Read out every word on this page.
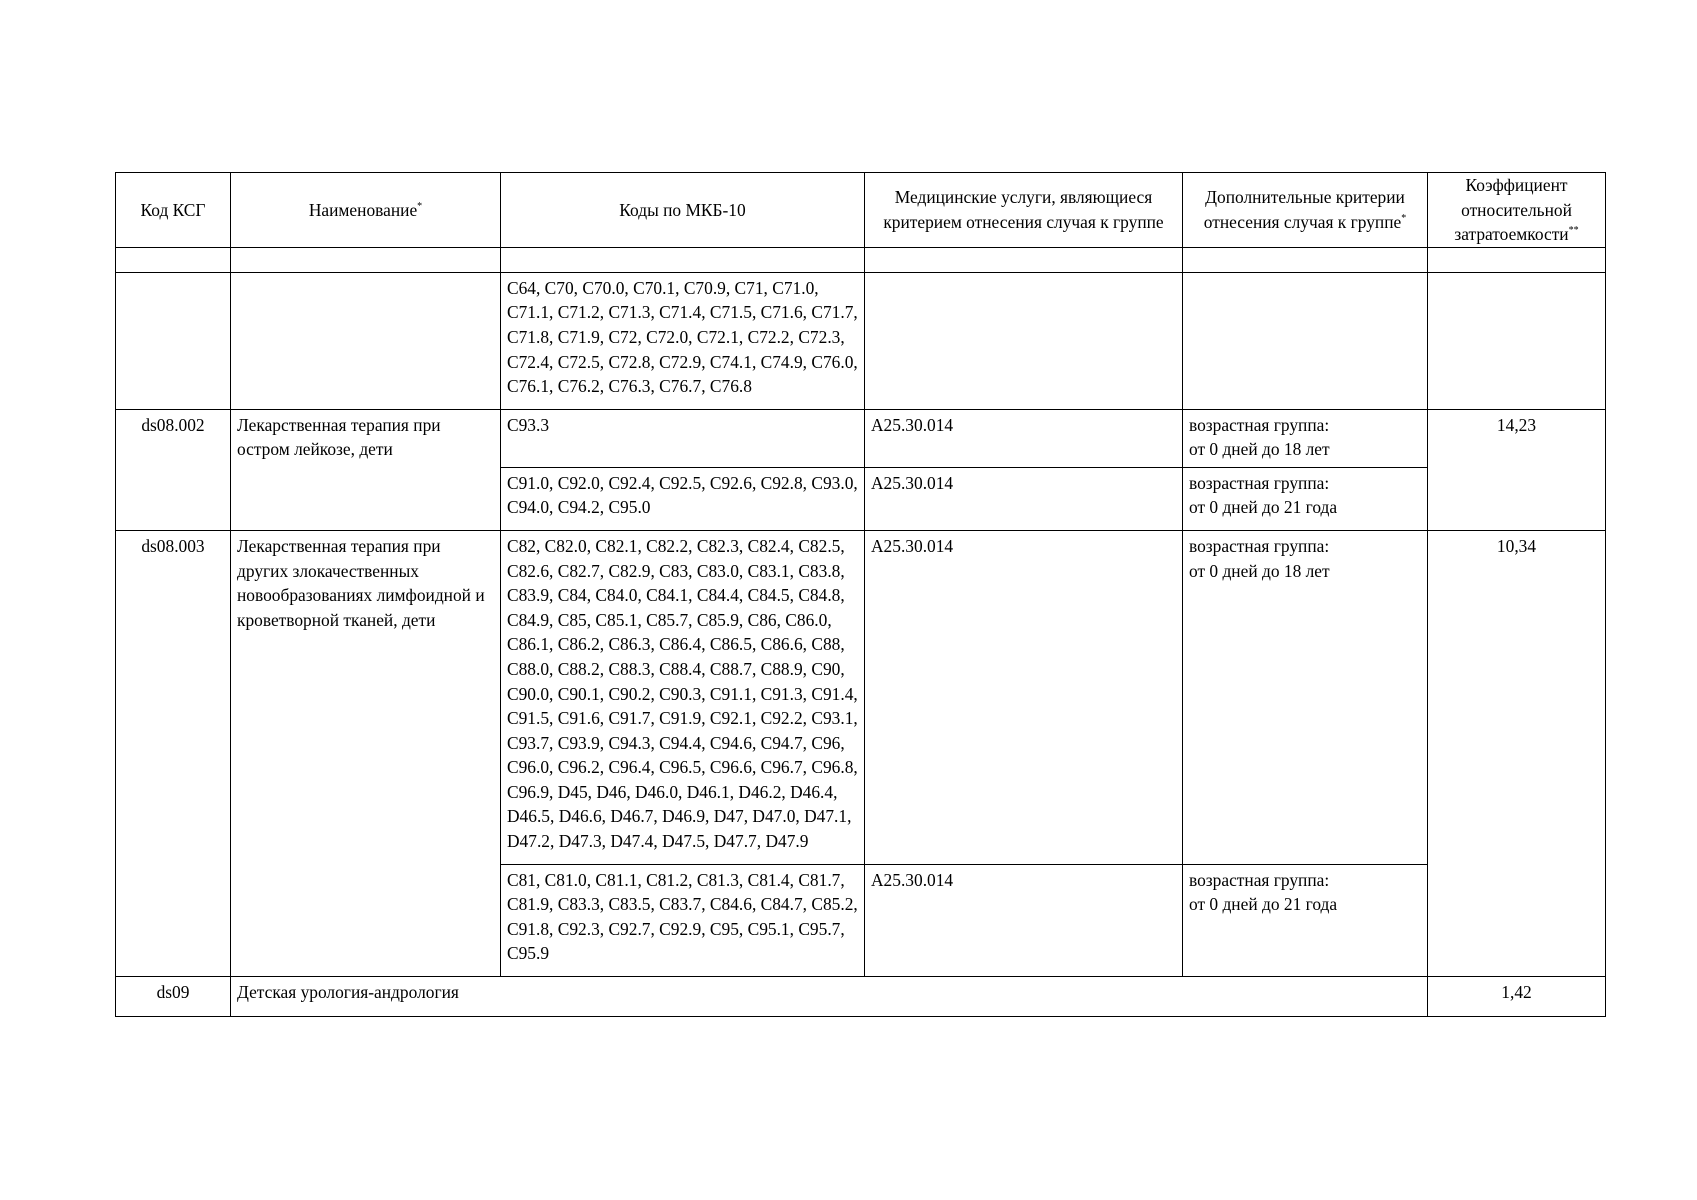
Код КСГ	Наименование*	Коды по МКБ-10	Медицинские услуги, являющиеся критерием отнесения случая к группе	Дополнительные критерии отнесения случая к группе*	Коэффициент относительной затратоемкости**

		C64, C70, C70.0, C70.1, C70.9, C71, C71.0, C71.1, C71.2, C71.3, C71.4, C71.5, C71.6, C71.7, C71.8, C71.9, C72, C72.0, C72.1, C72.2, C72.3, C72.4, C72.5, C72.8, C72.9, C74.1, C74.9, C76.0, C76.1, C76.2, C76.3, C76.7, C76.8			
ds08.002	Лекарственная терапия при остром лейкозе, дети	C93.3	A25.30.014	возрастная группа:
от 0 дней до 18 лет	14,23
		C91.0, C92.0, C92.4, C92.5, C92.6, C92.8, C93.0, C94.0, C94.2, C95.0	A25.30.014	возрастная группа:
от 0 дней до 21 года	

ds08.003	Лекарственная терапия при других злокачественных новообразованиях лимфоидной и кроветворной тканей, дети	C82, C82.0, C82.1, C82.2, C82.3, C82.4, C82.5, C82.6, C82.7, C82.9, C83, C83.0, C83.1, C83.8, C83.9, C84, C84.0, C84.1, C84.4, C84.5, C84.8, C84.9, C85, C85.1, C85.7, C85.9, C86, C86.0, C86.1, C86.2, C86.3, C86.4, C86.5, C86.6, C88, C88.0, C88.2, C88.3, C88.4, C88.7, C88.9, C90, C90.0, C90.1, C90.2, C90.3, C91.1, C91.3, C91.4, C91.5, C91.6, C91.7, C91.9, C92.1, C92.2, C93.1, C93.7, C93.9, C94.3, C94.4, C94.6, C94.7, C96, C96.0, C96.2, C96.4, C96.5, C96.6, C96.7, C96.8, C96.9, D45, D46, D46.0, D46.1, D46.2, D46.4, D46.5, D46.6, D46.7, D46.9, D47, D47.0, D47.1, D47.2, D47.3, D47.4, D47.5, D47.7, D47.9	A25.30.014	возрастная группа:
от 0 дней до 18 лет	10,34
		C81, C81.0, C81.1, C81.2, C81.3, C81.4, C81.7, C81.9, C83.3, C83.5, C83.7, C84.6, C84.7, C85.2, C91.8, C92.3, C92.7, C92.9, C95, C95.1, C95.7, C95.9	A25.30.014	возрастная группа:
от 0 дней до 21 года	

ds09	Детская урология-андрология				1,42
